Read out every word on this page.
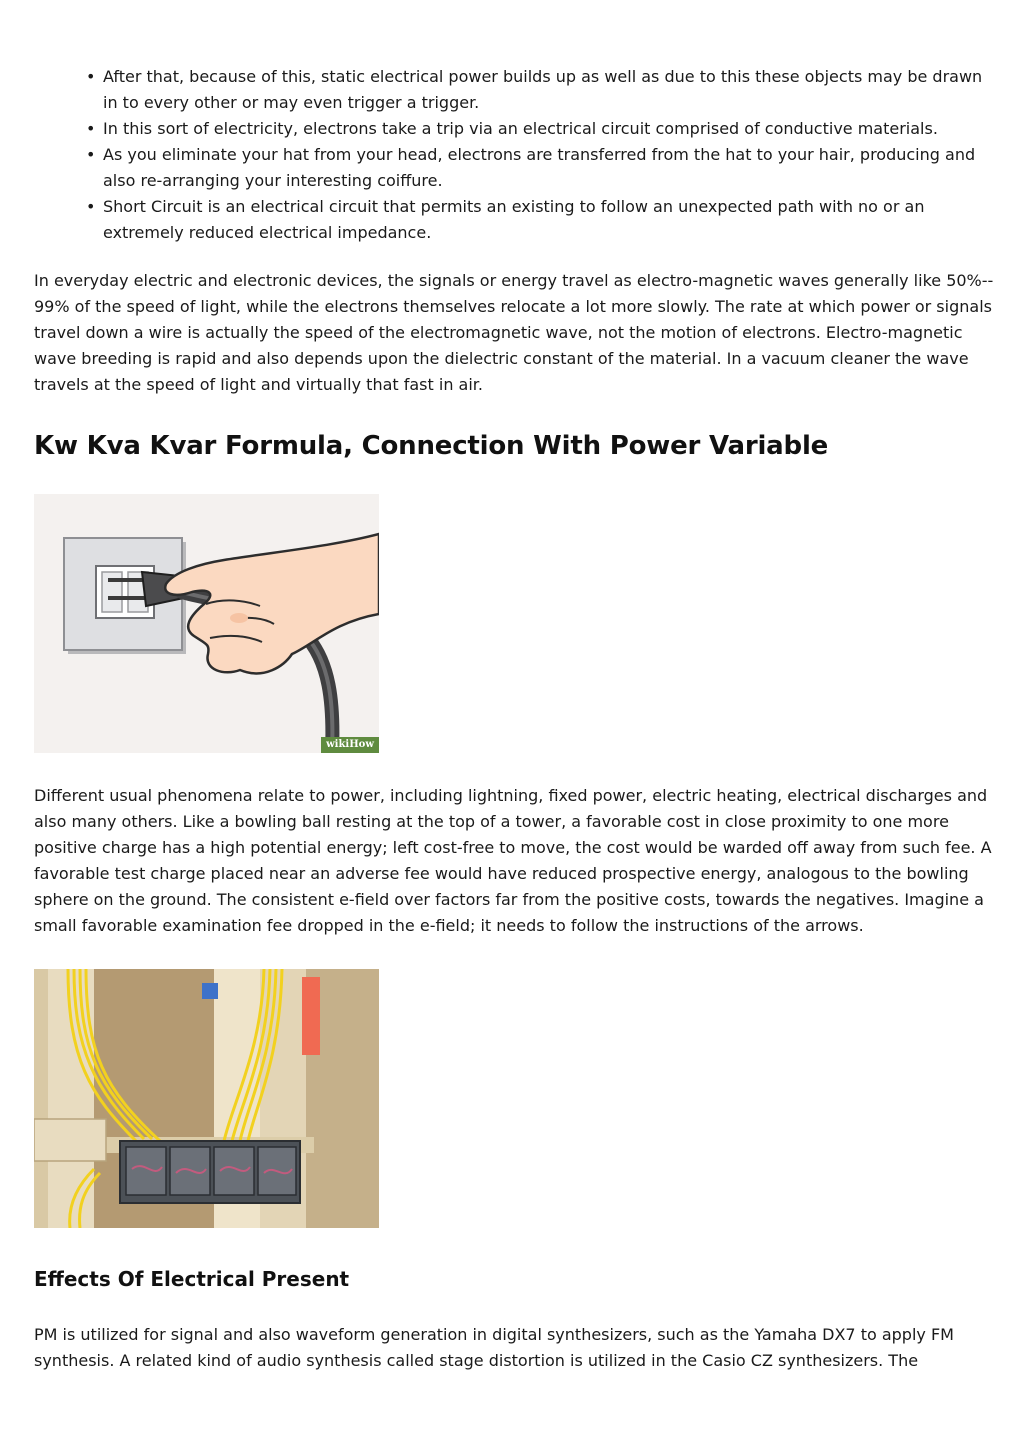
• After that, because of this, static electrical power builds up as well as due to this these objects may be drawn in to every other or may even trigger a trigger.
• In this sort of electricity, electrons take a trip via an electrical circuit comprised of conductive materials.
• As you eliminate your hat from your head, electrons are transferred from the hat to your hair, producing and also re-arranging your interesting coiffure.
• Short Circuit is an electrical circuit that permits an existing to follow an unexpected path with no or an extremely reduced electrical impedance.

In everyday electric and electronic devices, the signals or energy travel as electro-magnetic waves generally like 50%-- 99% of the speed of light, while the electrons themselves relocate a lot more slowly. The rate at which power or signals travel down a wire is actually the speed of the electromagnetic wave, not the motion of electrons. Electro-magnetic wave breeding is rapid and also depends upon the dielectric constant of the material. In a vacuum cleaner the wave travels at the speed of light and virtually that fast in air.

Kw Kva Kvar Formula, Connection With Power Variable
wikiHow

Different usual phenomena relate to power, including lightning, fixed power, electric heating, electrical discharges and also many others. Like a bowling ball resting at the top of a tower, a favorable cost in close proximity to one more positive charge has a high potential energy; left cost-free to move, the cost would be warded off away from such fee. A favorable test charge placed near an adverse fee would have reduced prospective energy, analogous to the bowling sphere on the ground. The consistent e-field over factors far from the positive costs, towards the negatives. Imagine a small favorable examination fee dropped in the e-field; it needs to follow the instructions of the arrows.

Effects Of Electrical Present

PM is utilized for signal and also waveform generation in digital synthesizers, such as the Yamaha DX7 to apply FM synthesis. A related kind of audio synthesis called stage distortion is utilized in the Casio CZ synthesizers. The
